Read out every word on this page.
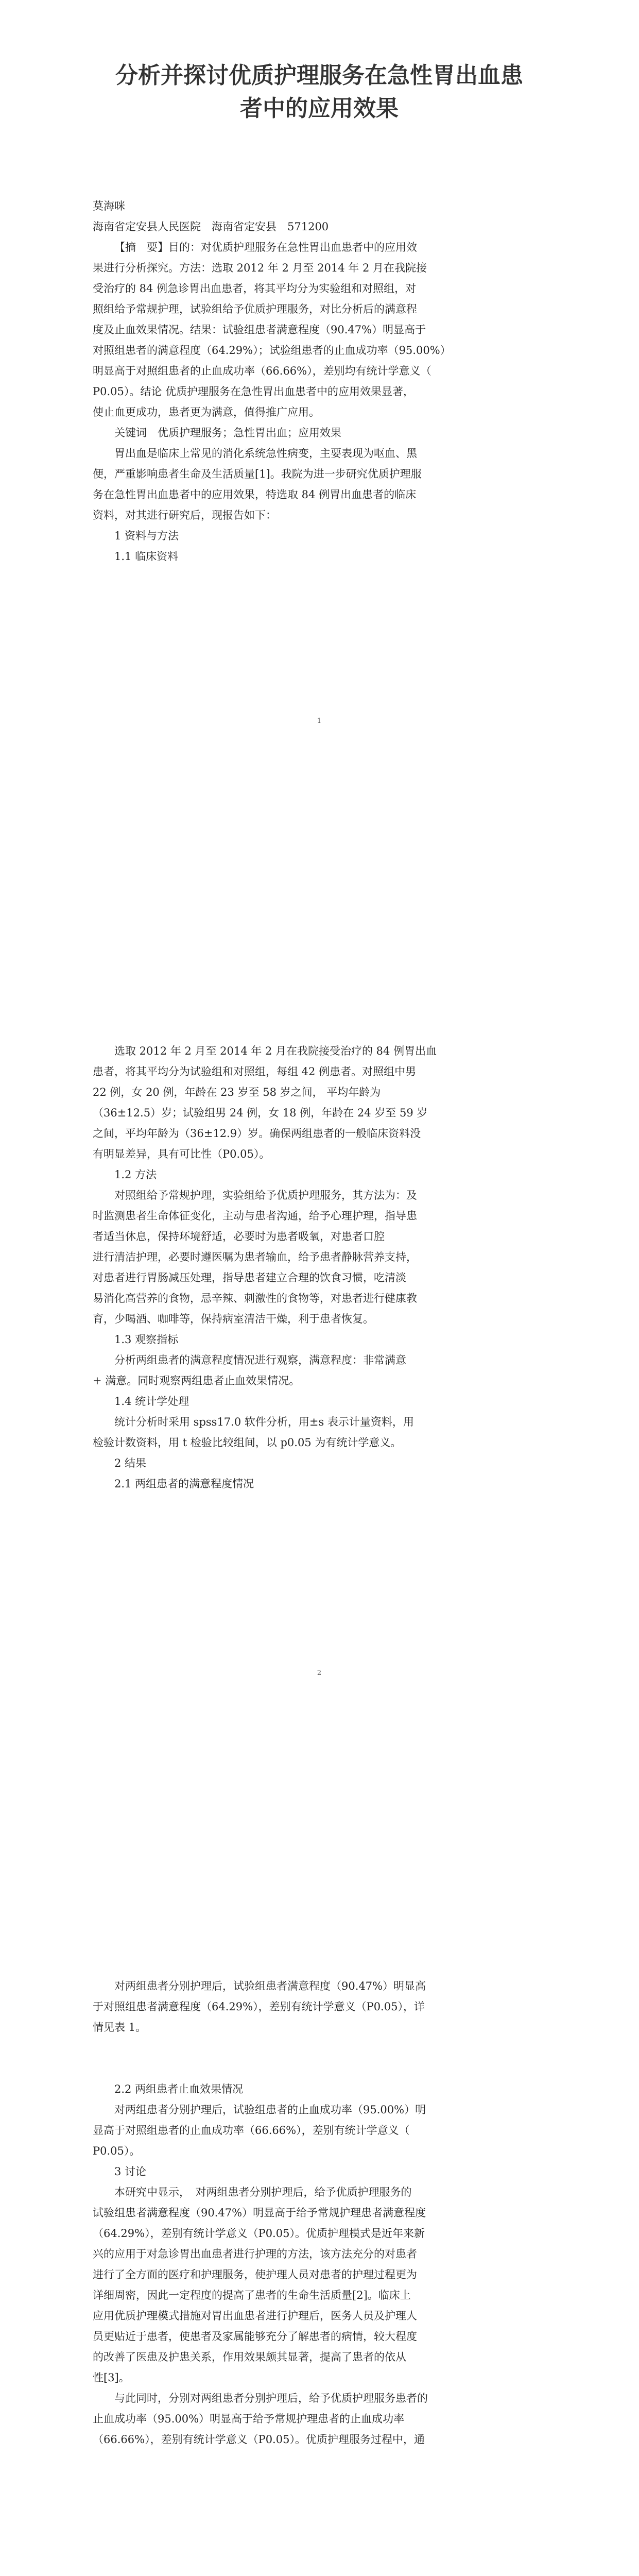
分析并探讨优质护理服务在急性胃出血患
者中的应用效果
莫海咪
海南省定安县人民医院　海南省定安县　571200
【摘　要】目的：对优质护理服务在急性胃出血患者中的应用效
果进行分析探究。方法：选取 2012 年 2 月至 2014 年 2 月在我院接
受治疗的 84 例急诊胃出血患者，将其平均分为实验组和对照组，对
照组给予常规护理，试验组给予优质护理服务，对比分析后的满意程
度及止血效果情况。结果：试验组患者满意程度（90.47%）明显高于
对照组患者的满意程度（64.29%）；试验组患者的止血成功率（95.00%）
明显高于对照组患者的止血成功率（66.66%），差别均有统计学意义（
P0.05）。结论 优质护理服务在急性胃出血患者中的应用效果显著，
使止血更成功，患者更为满意，值得推广应用。
关键词　优质护理服务；急性胃出血；应用效果
胃出血是临床上常见的消化系统急性病变，主要表现为呕血、黑
便，严重影响患者生命及生活质量[1]。我院为进一步研究优质护理服
务在急性胃出血患者中的应用效果，特选取 84 例胃出血患者的临床
资料，对其进行研究后，现报告如下：
1 资料与方法
1.1 临床资料
1
选取 2012 年 2 月至 2014 年 2 月在我院接受治疗的 84 例胃出血
患者，将其平均分为试验组和对照组，每组 42 例患者。对照组中男
22 例，女 20 例，年龄在 23 岁至 58 岁之间， 平均年龄为
（36±12.5）岁；试验组男 24 例，女 18 例，年龄在 24 岁至 59 岁
之间，平均年龄为（36±12.9）岁。确保两组患者的一般临床资料没
有明显差异，具有可比性（P0.05）。
1.2 方法
对照组给予常规护理，实验组给予优质护理服务，其方法为：及
时监测患者生命体征变化，主动与患者沟通，给予心理护理，指导患
者适当休息，保持环境舒适，必要时为患者吸氧，对患者口腔
进行清洁护理，必要时遵医嘱为患者输血，给予患者静脉营养支持，
对患者进行胃肠减压处理，指导患者建立合理的饮食习惯，吃清淡
易消化高营养的食物，忌辛辣、刺激性的食物等，对患者进行健康教
育，少喝酒、咖啡等，保持病室清洁干燥，利于患者恢复。
1.3 观察指标
分析两组患者的满意程度情况进行观察，满意程度：非常满意
+ 满意。同时观察两组患者止血效果情况。
1.4 统计学处理
统计分析时采用 spss17.0 软件分析，用±s 表示计量资料，用
检验计数资料，用 t 检验比较组间，以 p0.05 为有统计学意义。
2 结果
2.1 两组患者的满意程度情况
2
对两组患者分别护理后，试验组患者满意程度（90.47%）明显高
于对照组患者满意程度（64.29%），差别有统计学意义（P0.05），详
情见表 1。
2.2 两组患者止血效果情况
对两组患者分别护理后，试验组患者的止血成功率（95.00%）明
显高于对照组患者的止血成功率（66.66%），差别有统计学意义（
P0.05）。
3 讨论
本研究中显示，　对两组患者分别护理后，给予优质护理服务的
试验组患者满意程度（90.47%）明显高于给予常规护理患者满意程度
（64.29%），差别有统计学意义（P0.05）。优质护理模式是近年来新
兴的应用于对急诊胃出血患者进行护理的方法，该方法充分的对患者
进行了全方面的医疗和护理服务，使护理人员对患者的护理过程更为
详细周密，因此一定程度的提高了患者的生命生活质量[2]。临床上
应用优质护理模式措施对胃出血患者进行护理后，医务人员及护理人
员更贴近于患者，使患者及家属能够充分了解患者的病情，较大程度
的改善了医患及护患关系，作用效果颇其显著，提高了患者的依从
性[3]。
与此同时，分别对两组患者分别护理后，给予优质护理服务患者的
止血成功率（95.00%）明显高于给予常规护理患者的止血成功率
（66.66%），差别有统计学意义（P0.05）。优质护理服务过程中，通
